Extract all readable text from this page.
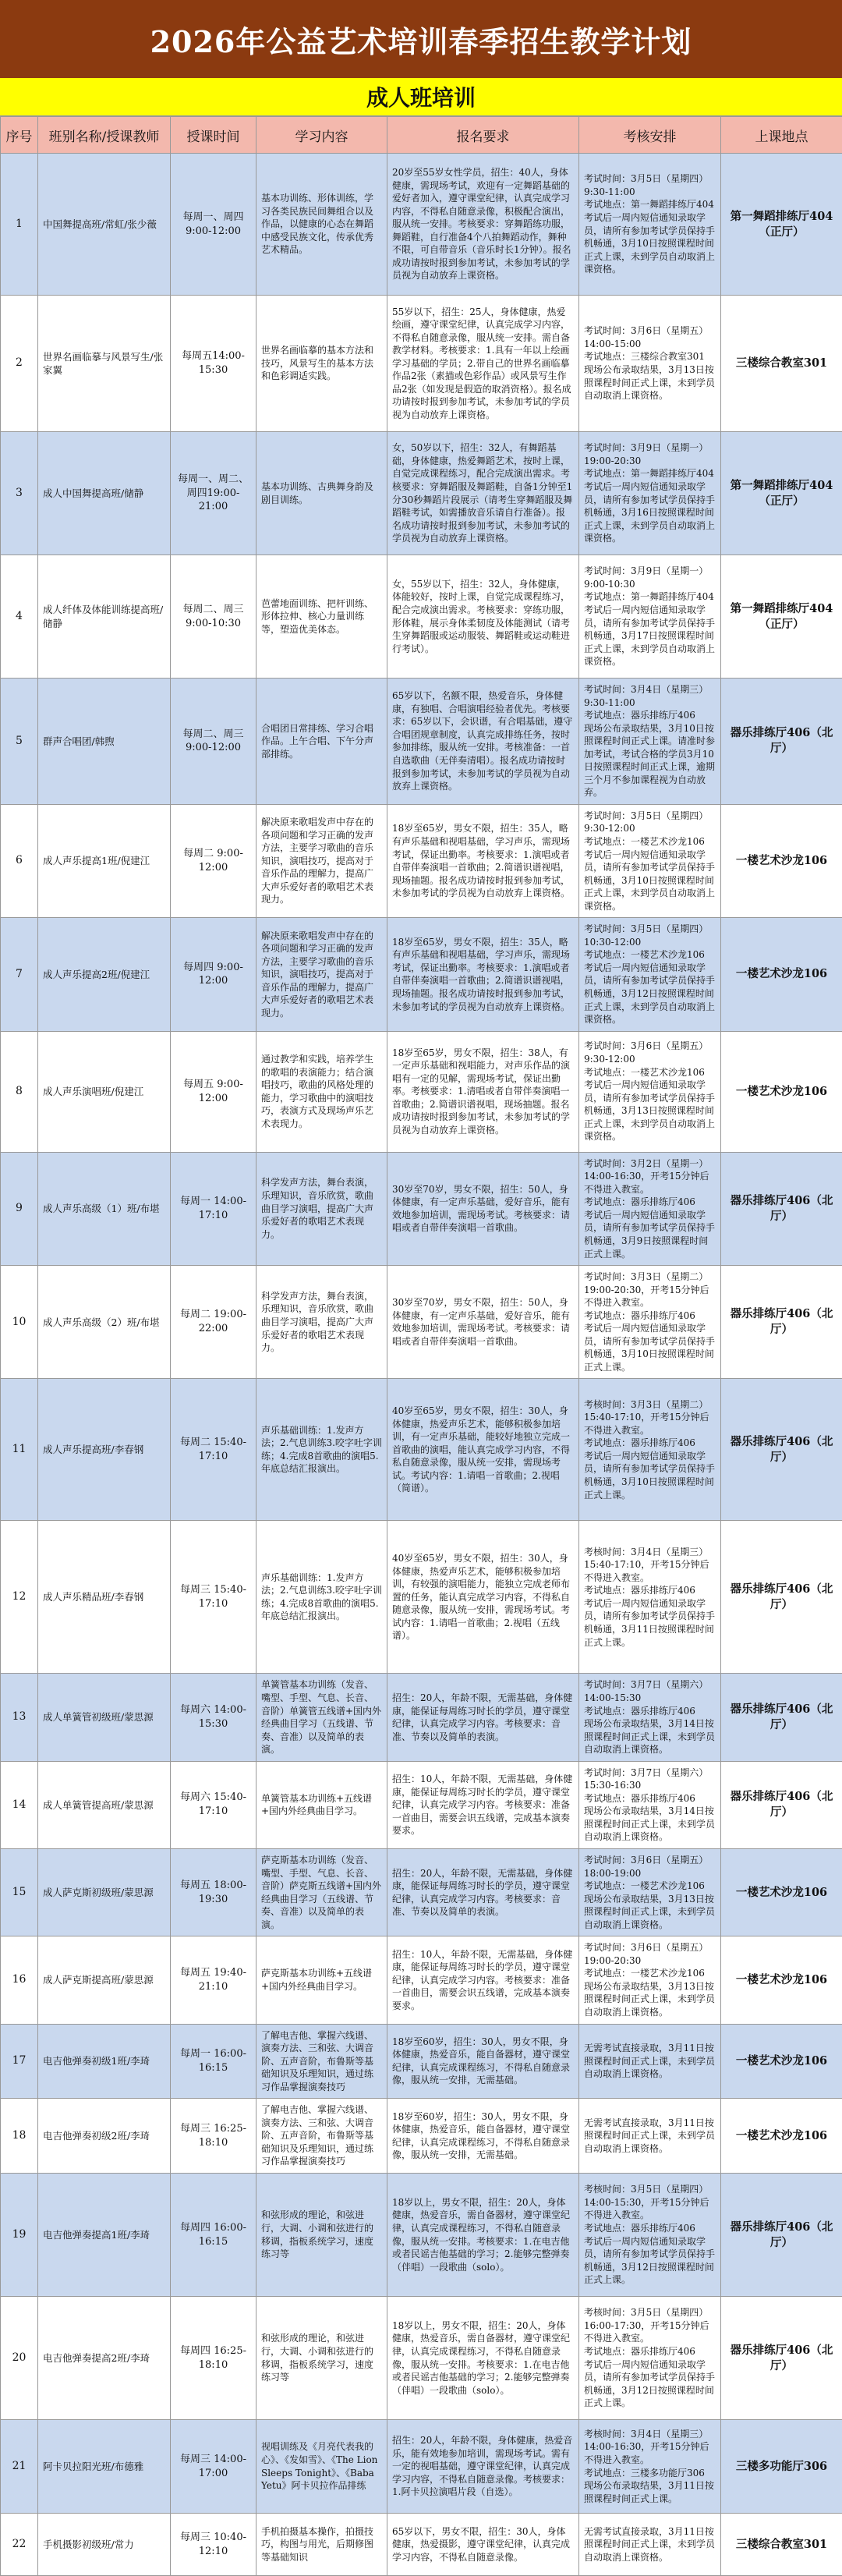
2026年公益艺术培训春季招生教学计划
成人班培训
序号	班别名称/授课教师	授课时间	学习内容	报名要求	考核安排	上课地点
1	中国舞提高班/常虹/张少薇	每周一、周四 9:00-12:00	基本功训练、形体训练，学习各类民族民间舞组合以及作品，以健康的心态在舞蹈中感受民族文化，传承优秀艺术精品。	20岁至55岁女性学员，招生：40人，身体健康，需现场考试，欢迎有一定舞蹈基础的爱好者加入，遵守课堂纪律，认真完成学习内容，不得私自随意录像，积极配合演出，服从统一安排。考核要求：穿舞蹈练功服，舞蹈鞋，自行准备4个八拍舞蹈动作，舞种不限，可自带音乐（音乐时长1分钟）。报名成功请按时报到参加考试，未参加考试的学员视为自动放弃上课资格。	考试时间：3月5日（星期四）9:30-11:00
考试地点：第一舞蹈排练厅404
考试后一周内短信通知录取学员，请所有参加考试学员保持手机畅通，3月10日按照课程时间正式上课，未到学员自动取消上课资格。	第一舞蹈排练厅404（正厅）
2	世界名画临摹与风景写生/张家翼	每周五14:00-15:30	世界名画临摹的基本方法和技巧，风景写生的基本方法和色彩调适实践。	55岁以下，招生：25人，身体健康，热爱绘画，遵守课堂纪律，认真完成学习内容，不得私自随意录像，服从统一安排。需自备教学材料。考核要求：1.具有一年以上绘画学习基础的学员；2.带自己的世界名画临摹作品2张（素描或色彩作品）或风景写生作品2张（如发现是假造的取消资格）。报名成功请按时报到参加考试，未参加考试的学员视为自动放弃上课资格。	考试时间：3月6日（星期五）14:00-15:00
考试地点：三楼综合教室301
现场公布录取结果，3月13日按照课程时间正式上课，未到学员自动取消上课资格。	三楼综合教室301
3	成人中国舞提高班/储静	每周一、周二、周四19:00-21:00	基本功训练、古典舞身韵及剧目训练。	女，50岁以下，招生：32人，有舞蹈基础，身体健康，热爱舞蹈艺术，按时上课，自觉完成课程练习，配合完成演出需求。考核要求：穿舞蹈服及舞蹈鞋，自备1分钟至1分30秒舞蹈片段展示（请考生穿舞蹈服及舞蹈鞋考试，如需播放音乐请自行准备）。报名成功请按时报到参加考试，未参加考试的学员视为自动放弃上课资格。	考试时间：3月9日（星期一）19:00-20:30
考试地点：第一舞蹈排练厅404
考试后一周内短信通知录取学员，请所有参加考试学员保持手机畅通，3月16日按照课程时间正式上课，未到学员自动取消上课资格。	第一舞蹈排练厅404（正厅）
4	成人纤体及体能训练提高班/储静	每周二、周三 9:00-10:30	芭蕾地面训练、把杆训练、形体拉伸、核心力量训练等，塑造优美体态。	女，55岁以下，招生：32人，身体健康，体能较好，按时上课，自觉完成课程练习，配合完成演出需求。考核要求：穿练功服，形体鞋，展示身体柔韧度及体能测试（请考生穿舞蹈服或运动服装、舞蹈鞋或运动鞋进行考试）。	考试时间：3月9日（星期一）9:00-10:30
考试地点：第一舞蹈排练厅404
考试后一周内短信通知录取学员，请所有参加考试学员保持手机畅通，3月17日按照课程时间正式上课，未到学员自动取消上课资格。	第一舞蹈排练厅404（正厅）
5	群声合唱团/韩煦	每周二、周三 9:00-12:00	合唱团日常排练、学习合唱作品。上午合唱、下午分声部排练。	65岁以下，名额不限，热爱音乐，身体健康，有独唱、合唱演唱经验者优先。考核要求：65岁以下，会识谱，有合唱基础，遵守合唱团规章制度，认真完成排练任务，按时参加排练，服从统一安排。考核准备：一首自选歌曲（无伴奏清唱）。报名成功请按时报到参加考试，未参加考试的学员视为自动放弃上课资格。	考试时间：3月4日（星期三）9:30-11:00
考试地点：器乐排练厅406
现场公布录取结果，3月10日按照课程时间正式上课。请准时参加考试，考试合格的学员3月10日按照课程时间正式上课，逾期三个月不参加课程视为自动放弃。	器乐排练厅406（北厅）
6	成人声乐提高1班/倪建江	每周二 9:00-12:00	解决原来歌唱发声中存在的各项问题和学习正确的发声方法，主要学习歌曲的音乐知识，演唱技巧，提高对于音乐作品的理解力，提高广大声乐爱好者的歌唱艺术表现力。	18岁至65岁，男女不限，招生：35人，略有声乐基础和视唱基础，学习声乐，需现场考试，保证出勤率。考核要求：1.演唱或者自带伴奏演唱一首歌曲；2.简谱识谱视唱，现场抽题。报名成功请按时报到参加考试，未参加考试的学员视为自动放弃上课资格。	考试时间：3月5日（星期四）9:30-12:00
考试地点：一楼艺术沙龙106
考试后一周内短信通知录取学员，请所有参加考试学员保持手机畅通，3月10日按照课程时间正式上课，未到学员自动取消上课资格。	一楼艺术沙龙106
7	成人声乐提高2班/倪建江	每周四 9:00-12:00	解决原来歌唱发声中存在的各项问题和学习正确的发声方法，主要学习歌曲的音乐知识，演唱技巧，提高对于音乐作品的理解力，提高广大声乐爱好者的歌唱艺术表现力。	18岁至65岁，男女不限，招生：35人，略有声乐基础和视唱基础，学习声乐，需现场考试，保证出勤率。考核要求：1.演唱或者自带伴奏演唱一首歌曲；2.简谱识谱视唱，现场抽题。报名成功请按时报到参加考试，未参加考试的学员视为自动放弃上课资格。	考试时间：3月5日（星期四）10:30-12:00
考试地点：一楼艺术沙龙106
考试后一周内短信通知录取学员，请所有参加考试学员保持手机畅通，3月12日按照课程时间正式上课，未到学员自动取消上课资格。	一楼艺术沙龙106
8	成人声乐演唱班/倪建江	每周五 9:00-12:00	通过教学和实践，培养学生的歌唱的表演能力；结合演唱技巧，歌曲的风格处理的能力，学习歌曲中的演唱技巧，表演方式及现场声乐艺术表现力。	18岁至65岁，男女不限，招生：38人，有一定声乐基础和视唱能力，对声乐作品的演唱有一定的见解，需现场考试，保证出勤率。考核要求：1.清唱或者自带伴奏演唱一首歌曲；2.简谱识谱视唱，现场抽题。报名成功请按时报到参加考试，未参加考试的学员视为自动放弃上课资格。	考试时间：3月6日（星期五）9:30-12:00
考试地点：一楼艺术沙龙106
考试后一周内短信通知录取学员，请所有参加考试学员保持手机畅通，3月13日按照课程时间正式上课，未到学员自动取消上课资格。	一楼艺术沙龙106
9	成人声乐高级（1）班/布堪	每周一 14:00-17:10	科学发声方法，舞台表演，乐理知识，音乐欣赏，歌曲曲目学习演唱，提高广大声乐爱好者的歌唱艺术表现力。	30岁至70岁，男女不限，招生：50人，身体健康，有一定声乐基础，爱好音乐，能有效地参加培训，需现场考试。考核要求：请唱或者自带伴奏演唱一首歌曲。	考试时间：3月2日（星期一）14:00-16:30，开考15分钟后不得进入教室。
考试地点：器乐排练厅406
考试后一周内短信通知录取学员，请所有参加考试学员保持手机畅通，3月9日按照课程时间正式上课。	器乐排练厅406（北厅）
10	成人声乐高级（2）班/布堪	每周二 19:00-22:00	科学发声方法，舞台表演，乐理知识，音乐欣赏，歌曲曲目学习演唱，提高广大声乐爱好者的歌唱艺术表现力。	30岁至70岁，男女不限，招生：50人，身体健康，有一定声乐基础，爱好音乐，能有效地参加培训，需现场考试。考核要求：请唱或者自带伴奏演唱一首歌曲。	考试时间：3月3日（星期二）19:00-20:30，开考15分钟后不得进入教室。
考试地点：器乐排练厅406
考试后一周内短信通知录取学员，请所有参加考试学员保持手机畅通，3月10日按照课程时间正式上课。	器乐排练厅406（北厅）
11	成人声乐提高班/李春钢	每周二 15:40-17:10	声乐基础训练：1.发声方法；2.气息训练3.咬字吐字训练；4.完成8首歌曲的演唱5.年底总结汇报演出。	40岁至65岁，男女不限，招生：30人，身体健康，热爱声乐艺术，能够积极参加培训，有一定声乐基础，能较好地独立完成一首歌曲的演唱，能认真完成学习内容，不得私自随意录像，服从统一安排，需现场考试。考试内容：1.请唱一首歌曲；2.视唱（简谱）。	考核时间：3月3日（星期二）15:40-17:10，开考15分钟后不得进入教室。
考试地点：器乐排练厅406
考试后一周内短信通知录取学员，请所有参加考试学员保持手机畅通，3月10日按照课程时间正式上课。	器乐排练厅406（北厅）
12	成人声乐精品班/李春钢	每周三 15:40-17:10	声乐基础训练：1.发声方法；2.气息训练3.咬字吐字训练；4.完成8首歌曲的演唱5.年底总结汇报演出。	40岁至65岁，男女不限，招生：30人，身体健康，热爱声乐艺术，能够积极参加培训，有较强的演唱能力，能独立完成老师布置的任务，能认真完成学习内容，不得私自随意录像，服从统一安排，需现场考试。考试内容：1.请唱一首歌曲；2.视唱（五线谱）。	考核时间：3月4日（星期三）15:40-17:10，开考15分钟后不得进入教室。
考试地点：器乐排练厅406
考试后一周内短信通知录取学员，请所有参加考试学员保持手机畅通，3月11日按照课程时间正式上课。	器乐排练厅406（北厅）
13	成人单簧管初级班/蒙思源	每周六 14:00-15:30	单簧管基本功训练（发音、嘴型、手型、气息、长音、音阶）单簧管五线谱+国内外经典曲目学习（五线谱、节奏、音准）以及简单的表演。	招生：20人，年龄不限，无需基础，身体健康，能保证每周练习时长的学员，遵守课堂纪律，认真完成学习内容。考核要求：音准、节奏以及简单的表演。	考试时间：3月7日（星期六）14:00-15:30
考试地点：器乐排练厅406
现场公布录取结果，3月14日按照课程时间正式上课，未到学员自动取消上课资格。	器乐排练厅406（北厅）
14	成人单簧管提高班/蒙思源	每周六 15:40-17:10	单簧管基本功训练+五线谱+国内外经典曲目学习。	招生：10人，年龄不限，无需基础，身体健康，能保证每周练习时长的学员，遵守课堂纪律，认真完成学习内容。考核要求：准备一首曲目，需要会识五线谱，完成基本演奏要求。	考试时间：3月7日（星期六）15:30-16:30
考试地点：器乐排练厅406
现场公布录取结果，3月14日按照课程时间正式上课，未到学员自动取消上课资格。	器乐排练厅406（北厅）
15	成人萨克斯初级班/蒙思源	每周五 18:00-19:30	萨克斯基本功训练（发音、嘴型、手型、气息、长音、音阶）萨克斯五线谱+国内外经典曲目学习（五线谱、节奏、音准）以及简单的表演。	招生：20人，年龄不限，无需基础，身体健康，能保证每周练习时长的学员，遵守课堂纪律，认真完成学习内容。考核要求：音准、节奏以及简单的表演。	考试时间：3月6日（星期五）18:00-19:00
考试地点：一楼艺术沙龙106
现场公布录取结果，3月13日按照课程时间正式上课，未到学员自动取消上课资格。	一楼艺术沙龙106
16	成人萨克斯提高班/蒙思源	每周五 19:40-21:10	萨克斯基本功训练+五线谱+国内外经典曲目学习。	招生：10人，年龄不限，无需基础，身体健康，能保证每周练习时长的学员，遵守课堂纪律，认真完成学习内容。考核要求：准备一首曲目，需要会识五线谱，完成基本演奏要求。	考试时间：3月6日（星期五）19:00-20:30
考试地点：一楼艺术沙龙106
现场公布录取结果，3月13日按照课程时间正式上课，未到学员自动取消上课资格。	一楼艺术沙龙106
17	电吉他弹奏初级1班/李琦	每周一 16:00-16:15	了解电吉他、掌握六线谱、演奏方法、三和弦、大调音阶、五声音阶，布鲁斯等基础知识及乐理知识，通过练习作品掌握演奏技巧	18岁至60岁，招生：30人，男女不限，身体健康，热爱音乐，能自备器材，遵守课堂纪律，认真完成课程练习，不得私自随意录像，服从统一安排，无需基础。	无需考试直接录取，3月11日按照课程时间正式上课，未到学员自动取消上课资格。	一楼艺术沙龙106
18	电吉他弹奏初级2班/李琦	每周三 16:25-18:10	了解电吉他、掌握六线谱、演奏方法、三和弦、大调音阶、五声音阶，布鲁斯等基础知识及乐理知识，通过练习作品掌握演奏技巧	18岁至60岁，招生：30人，男女不限，身体健康，热爱音乐，能自备器材，遵守课堂纪律，认真完成课程练习，不得私自随意录像，服从统一安排，无需基础。	无需考试直接录取，3月11日按照课程时间正式上课，未到学员自动取消上课资格。	一楼艺术沙龙106
19	电吉他弹奏提高1班/李琦	每周四 16:00-16:15	和弦形成的理论，和弦进行，大调、小调和弦进行的移调，指板系统学习，速度练习等	18岁以上，男女不限，招生：20人，身体健康，热爱音乐，需自备器材，遵守课堂纪律，认真完成课程练习，不得私自随意录像，服从统一安排。考核要求：1.在电吉他或者民谣吉他基础的学习；2.能够完整弹奏（伴唱）一段歌曲（solo）。	考核时间：3月5日（星期四）14:00-15:30，开考15分钟后不得进入教室。
考试地点：器乐排练厅406
考试后一周内短信通知录取学员，请所有参加考试学员保持手机畅通，3月12日按照课程时间正式上课。	器乐排练厅406（北厅）
20	电吉他弹奏提高2班/李琦	每周四 16:25-18:10	和弦形成的理论，和弦进行，大调、小调和弦进行的移调，指板系统学习，速度练习等	18岁以上，男女不限，招生：20人，身体健康，热爱音乐，需自备器材，遵守课堂纪律，认真完成课程练习，不得私自随意录像，服从统一安排。考核要求：1.在电吉他或者民谣吉他基础的学习；2.能够完整弹奏（伴唱）一段歌曲（solo）。	考核时间：3月5日（星期四）16:00-17:30，开考15分钟后不得进入教室。
考试地点：器乐排练厅406
考试后一周内短信通知录取学员，请所有参加考试学员保持手机畅通，3月12日按照课程时间正式上课。	器乐排练厅406（北厅）
21	阿卡贝拉阳光班/布德雅	每周三 14:00-17:00	视唱训练及《月亮代表我的心》、《发如雪》、《The Lion Sleeps Tonight》、《Baba Yetu》阿卡贝拉作品排练	招生：20人，年龄不限，身体健康，热爱音乐，能有效地参加培训，需现场考试。需有一定的视唱基础，遵守课堂纪律，认真完成学习内容，不得私自随意录像。考核要求：1.阿卡贝拉演唱片段（自选）。	考核时间：3月4日（星期三）14:00-16:30，开考15分钟后不得进入教室。
考试地点：三楼多功能厅306
现场公布录取结果，3月11日按照课程时间正式上课。	三楼多功能厅306
22	手机摄影初级班/常力	每周三 10:40-12:10	手机拍摄基本操作，拍摄技巧，构图与用光，后期修图等基础知识	65岁以下，男女不限，招生：30人，身体健康，热爱摄影，遵守课堂纪律，认真完成学习内容，不得私自随意录像。	无需考试直接录取，3月11日按照课程时间正式上课，未到学员自动取消上课资格。	三楼综合教室301
